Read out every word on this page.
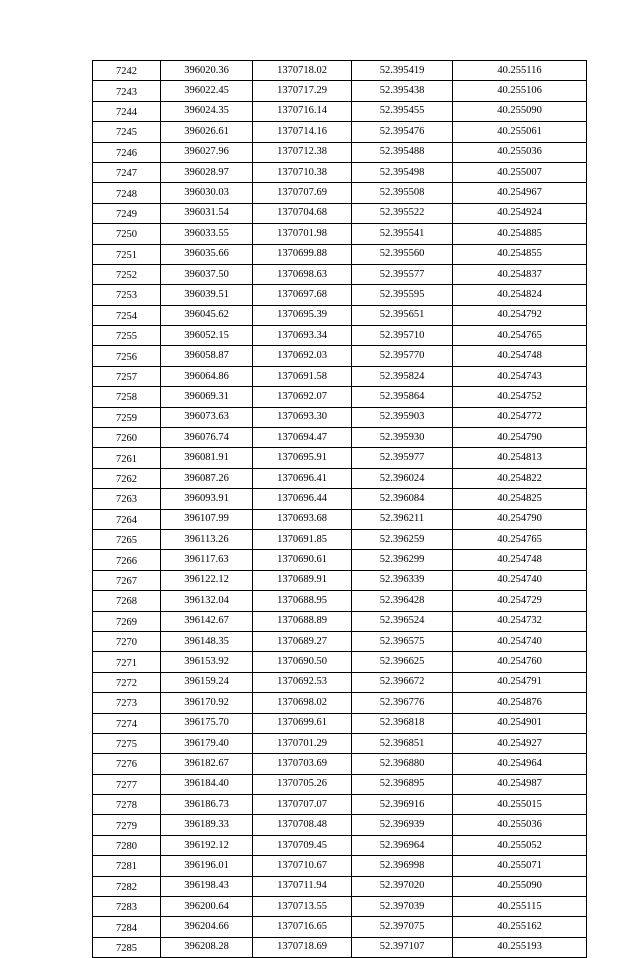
7242	396020.36	1370718.02	52.395419	40.255116
7243	396022.45	1370717.29	52.395438	40.255106
7244	396024.35	1370716.14	52.395455	40.255090
7245	396026.61	1370714.16	52.395476	40.255061
7246	396027.96	1370712.38	52.395488	40.255036
7247	396028.97	1370710.38	52.395498	40.255007
7248	396030.03	1370707.69	52.395508	40.254967
7249	396031.54	1370704.68	52.395522	40.254924
7250	396033.55	1370701.98	52.395541	40.254885
7251	396035.66	1370699.88	52.395560	40.254855
7252	396037.50	1370698.63	52.395577	40.254837
7253	396039.51	1370697.68	52.395595	40.254824
7254	396045.62	1370695.39	52.395651	40.254792
7255	396052.15	1370693.34	52.395710	40.254765
7256	396058.87	1370692.03	52.395770	40.254748
7257	396064.86	1370691.58	52.395824	40.254743
7258	396069.31	1370692.07	52.395864	40.254752
7259	396073.63	1370693.30	52.395903	40.254772
7260	396076.74	1370694.47	52.395930	40.254790
7261	396081.91	1370695.91	52.395977	40.254813
7262	396087.26	1370696.41	52.396024	40.254822
7263	396093.91	1370696.44	52.396084	40.254825
7264	396107.99	1370693.68	52.396211	40.254790
7265	396113.26	1370691.85	52.396259	40.254765
7266	396117.63	1370690.61	52.396299	40.254748
7267	396122.12	1370689.91	52.396339	40.254740
7268	396132.04	1370688.95	52.396428	40.254729
7269	396142.67	1370688.89	52.396524	40.254732
7270	396148.35	1370689.27	52.396575	40.254740
7271	396153.92	1370690.50	52.396625	40.254760
7272	396159.24	1370692.53	52.396672	40.254791
7273	396170.92	1370698.02	52.396776	40.254876
7274	396175.70	1370699.61	52.396818	40.254901
7275	396179.40	1370701.29	52.396851	40.254927
7276	396182.67	1370703.69	52.396880	40.254964
7277	396184.40	1370705.26	52.396895	40.254987
7278	396186.73	1370707.07	52.396916	40.255015
7279	396189.33	1370708.48	52.396939	40.255036
7280	396192.12	1370709.45	52.396964	40.255052
7281	396196.01	1370710.67	52.396998	40.255071
7282	396198.43	1370711.94	52.397020	40.255090
7283	396200.64	1370713.55	52.397039	40.255115
7284	396204.66	1370716.65	52.397075	40.255162
7285	396208.28	1370718.69	52.397107	40.255193
